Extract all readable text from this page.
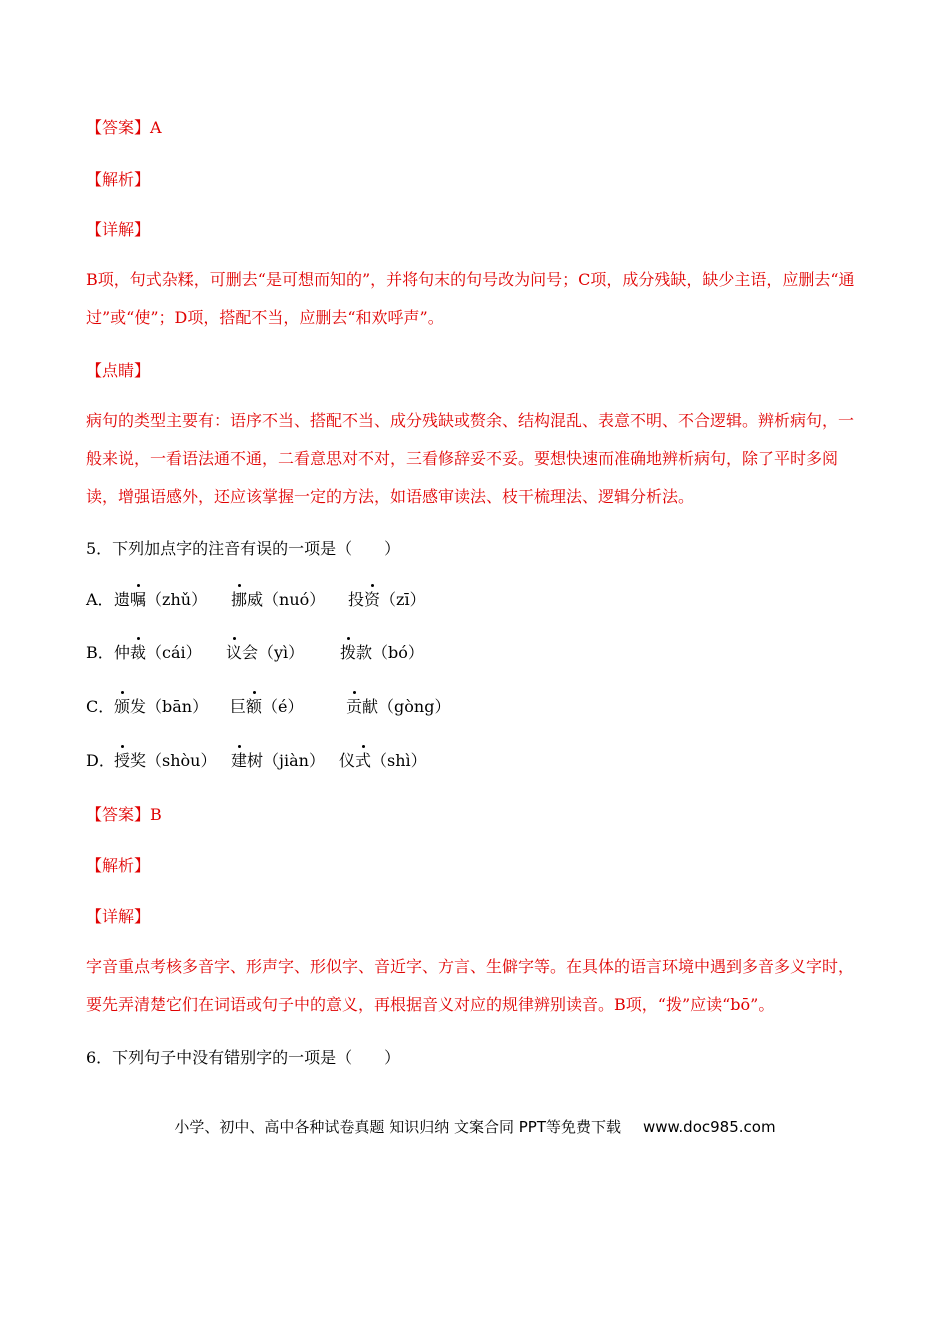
【答案】A
【解析】
【详解】
B项，句式杂糅，可删去“是可想而知的”，并将句末的句号改为问号；C项，成分残缺，缺少主语，应删去“通过”或“使”；D项，搭配不当，应删去“和欢呼声”。
【点睛】
病句的类型主要有：语序不当、搭配不当、成分残缺或赘余、结构混乱、表意不明、不合逻辑。辨析病句，一般来说，一看语法通不通，二看意思对不对，三看修辞妥不妥。要想快速而准确地辨析病句，除了平时多阅读，增强语感外，还应该掌握一定的方法，如语感审读法、枝干梳理法、逻辑分析法。
5．下列加点字的注音有误的一项是（　　）
A． 遗嘱（zhǔ） 挪威（nuó） 投资（zī）
B． 仲裁（cái） 议会（yì） 拨款（bó）
C． 颁发（bān） 巨额（é）	贡献（gòng）
D． 授奖（shòu） 建树（jiàn） 仪式（shì）
【答案】B
【解析】
【详解】
字音重点考核多音字、形声字、形似字、音近字、方言、生僻字等。在具体的语言环境中遇到多音多义字时，要先弄清楚它们在词语或句子中的意义，再根据音义对应的规律辨别读音。B项，“拨”应读“bō”。
6．下列句子中没有错别字的一项是（　　）
小学、初中、高中各种试卷真题 知识归纳 文案合同 PPT等免费下载 www.doc985.com
